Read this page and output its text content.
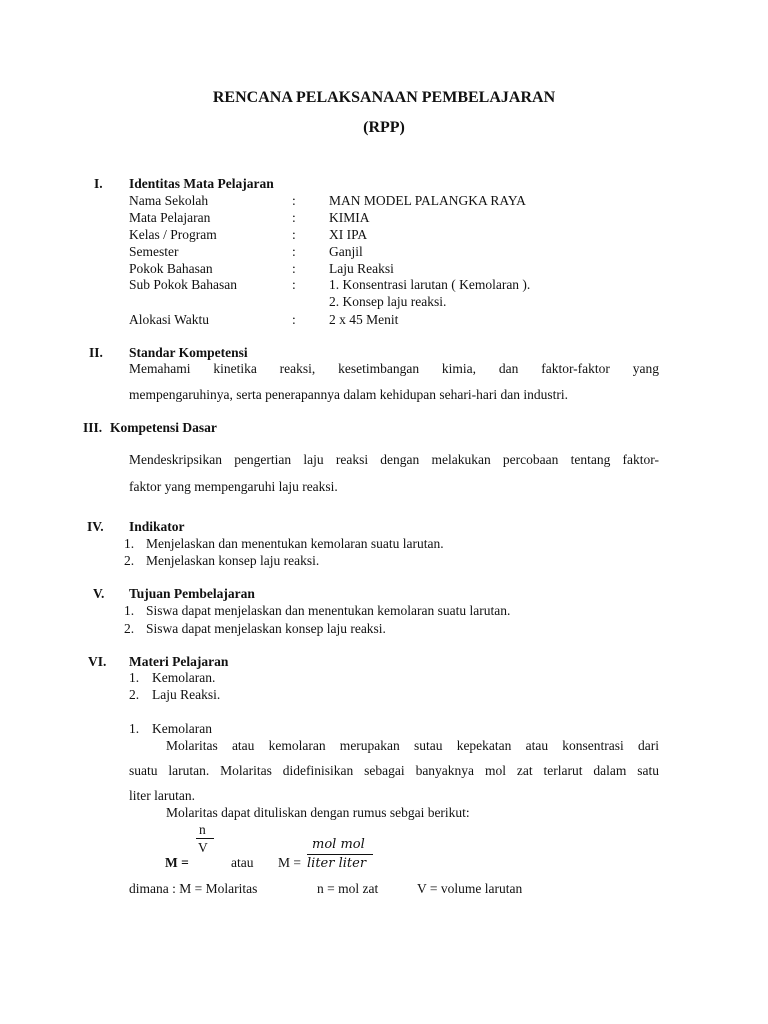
RENCANA PELAKSANAAN PEMBELAJARAN
(RPP)
I. Identitas Mata Pelajaran
Nama Sekolah	: MAN MODEL PALANGKA RAYA
Mata Pelajaran	: KIMIA
Kelas / Program	: XI IPA
Semester	: Ganjil
Pokok Bahasan	: Laju Reaksi
Sub Pokok Bahasan	: 1. Konsentrasi larutan ( Kemolaran ).
2. Konsep laju reaksi.
Alokasi Waktu	: 2 x 45 Menit
II. Standar Kompetensi
Memahami kinetika reaksi, kesetimbangan kimia, dan faktor-faktor yang
mempengaruhinya, serta penerapannya dalam kehidupan sehari-hari dan industri.
III. Kompetensi Dasar
Mendeskripsikan pengertian laju reaksi dengan melakukan percobaan tentang faktor-
faktor yang mempengaruhi laju reaksi.
IV. Indikator
1. Menjelaskan dan menentukan kemolaran suatu larutan.
2. Menjelaskan konsep laju reaksi.
V. Tujuan Pembelajaran
1. Siswa dapat menjelaskan dan menentukan kemolaran suatu larutan.
2. Siswa dapat menjelaskan konsep laju reaksi.
VI. Materi Pelajaran
1. Kemolaran.
2. Laju Reaksi.
1. Kemolaran
Molaritas atau kemolaran merupakan sutau kepekatan atau konsentrasi dari
suatu larutan. Molaritas didefinisikan sebagai banyaknya mol zat terlarut dalam satu
liter larutan.
Molaritas dapat dituliskan dengan rumus sebgai berikut:
n
V
M =	atau M =
mol mol
liter liter
dimana : M = Molaritas	n = mol zat	V = volume larutan
